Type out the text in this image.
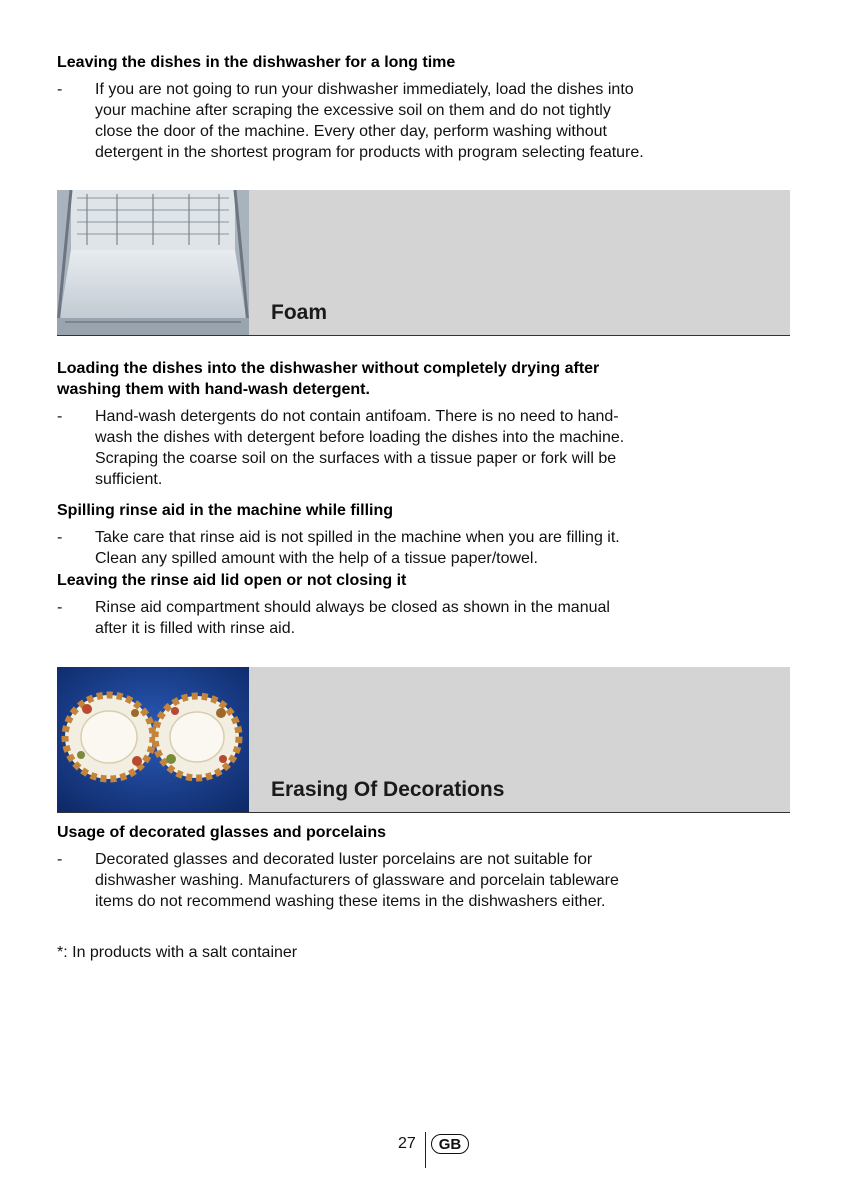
Leaving the dishes in the dishwasher for a long time
-	If you are not going to run your dishwasher immediately, load the dishes into
your machine after scraping the excessive soil on them and do not tightly
close the door of the machine. Every other day, perform washing without
detergent in the shortest program for products with program selecting feature.
Foam
Loading the dishes into the dishwasher without completely drying after
washing them with hand-wash detergent.
-	Hand-wash detergents do not contain antifoam. There is no need to hand-
wash the dishes with detergent before loading the dishes into the machine.
Scraping the coarse soil on the surfaces with a tissue paper or fork will be
sufficient.
Spilling rinse aid in the machine while filling
-	Take care that rinse aid is not spilled in the machine when you are filling it.
Clean any spilled amount with the help of a tissue paper/towel.
Leaving the rinse aid lid open or not closing it
-	Rinse aid compartment should always be closed as shown in the manual
after it is filled with rinse aid.
Erasing Of Decorations
Usage of decorated glasses and porcelains
-	Decorated glasses and decorated luster porcelains are not suitable for
dishwasher washing. Manufacturers of glassware and porcelain tableware
items do not recommend washing these items in the dishwashers either.
*: In products with a salt container
27	GB
